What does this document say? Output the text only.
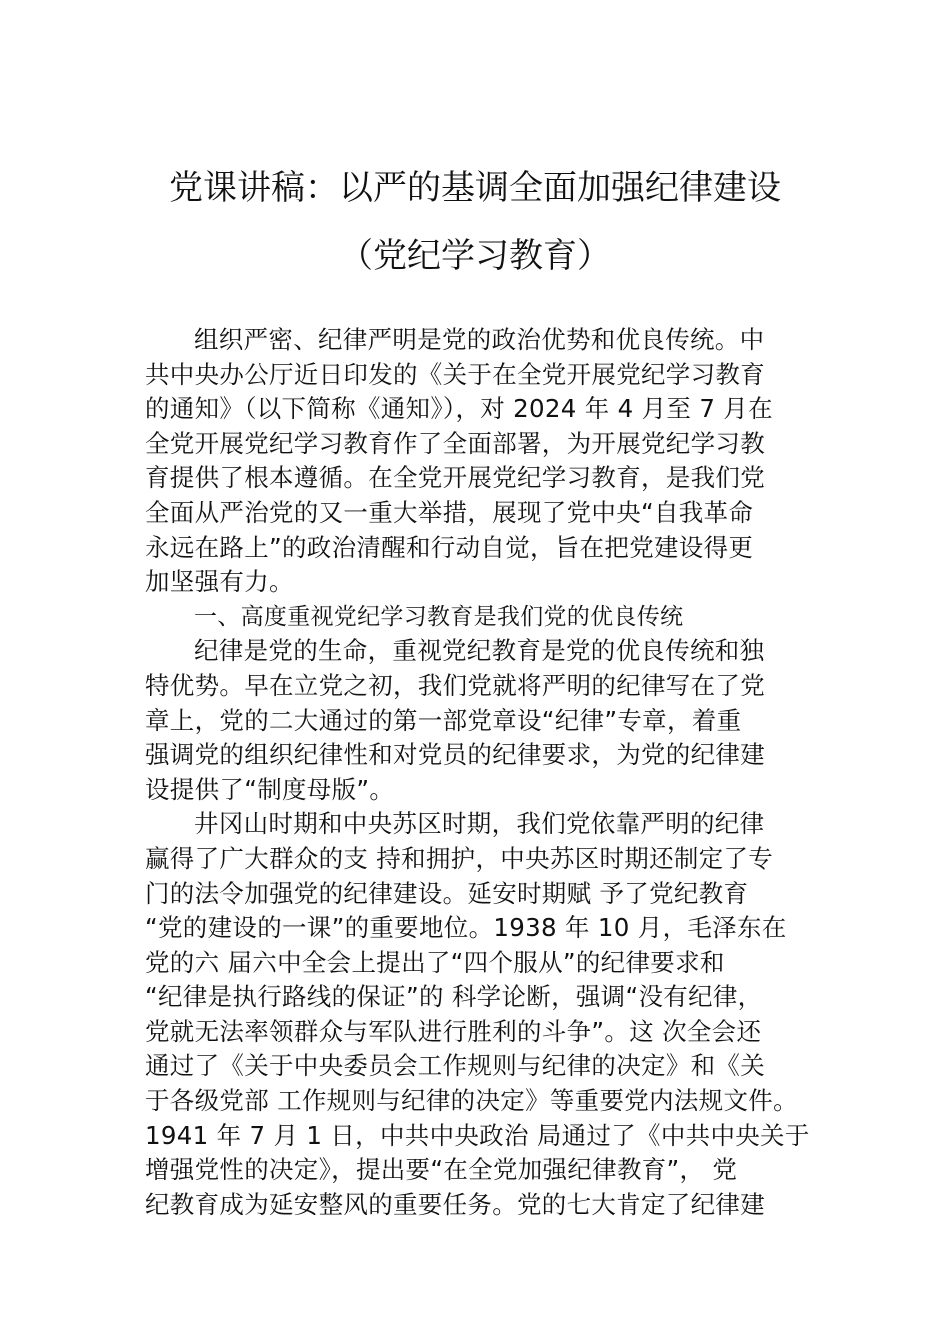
党课讲稿：以严的基调全面加强纪律建设
（党纪学习教育）
组织严密、纪律严明是党的政治优势和优良传统。中
共中央办公厅近日印发的《关于在全党开展党纪学习教育
的通知》（以下简称《通知》），对 2024 年 4 月至 7 月在
全党开展党纪学习教育作了全面部署，为开展党纪学习教
育提供了根本遵循。在全党开展党纪学习教育，是我们党
全面从严治党的又一重大举措，展现了党中央“自我革命
永远在路上”的政治清醒和行动自觉，旨在把党建设得更
加坚强有力。
一、高度重视党纪学习教育是我们党的优良传统
纪律是党的生命，重视党纪教育是党的优良传统和独
特优势。早在立党之初，我们党就将严明的纪律写在了党
章上，党的二大通过的第一部党章设“纪律”专章，着重
强调党的组织纪律性和对党员的纪律要求，为党的纪律建
设提供了“制度母版”。
井冈山时期和中央苏区时期，我们党依靠严明的纪律
赢得了广大群众的支 持和拥护，中央苏区时期还制定了专
门的法令加强党的纪律建设。延安时期赋 予了党纪教育
“党的建设的一课”的重要地位。1938 年 10 月，毛泽东在
党的六 届六中全会上提出了“四个服从”的纪律要求和
“纪律是执行路线的保证”的 科学论断，强调“没有纪律，
党就无法率领群众与军队进行胜利的斗争”。这 次全会还
通过了《关于中央委员会工作规则与纪律的决定》和《关
于各级党部 工作规则与纪律的决定》等重要党内法规文件。
1941 年 7 月 1 日，中共中央政治 局通过了《中共中央关于
增强党性的决定》，提出要“在全党加强纪律教育”， 党
纪教育成为延安整风的重要任务。党的七大肯定了纪律建
